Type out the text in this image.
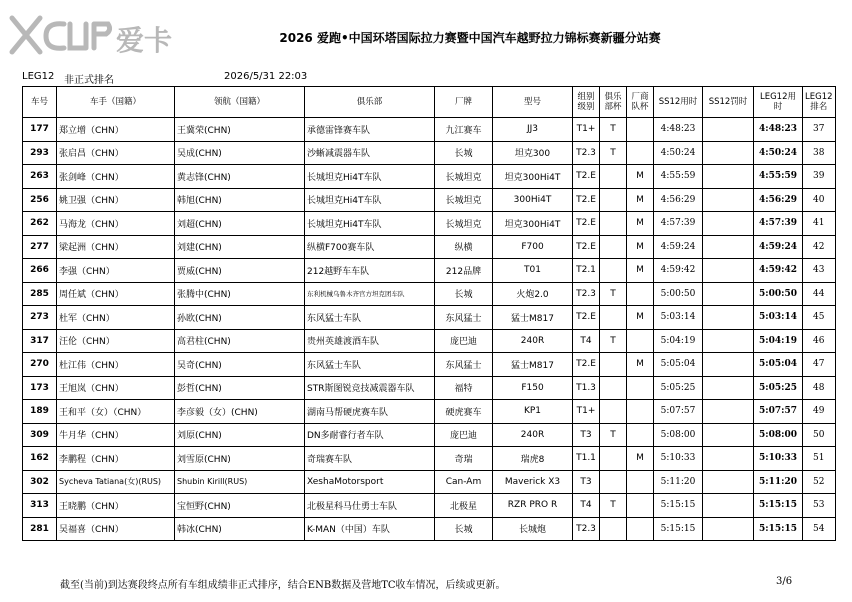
爱卡	2026 爱跑•中国环塔国际拉力赛暨中国汽车越野拉力锦标赛新疆分站赛
LEG12 非正式排名	2026/5/31 22:03
车号	车手（国籍）	领航（国籍）	俱乐部	厂牌	型号	组别级别	俱乐部杯	厂商队杯	SS12用时	SS12罚时	LEG12用时	LEG12排名
177	郑立增（CHN）	王冀荣(CHN)	承德雷锋赛车队	九江赛车	JJ3	T1+	T		4:48:23		4:48:23	37
293	张启昌（CHN）	吴成(CHN)	沙蜥减震器车队	长城	坦克300	T2.3	T		4:50:24		4:50:24	38
263	张剑峰（CHN）	黄志锋(CHN)	长城坦克Hi4T车队	长城坦克	坦克300Hi4T	T2.E		M	4:55:59		4:55:59	39
256	姚卫强（CHN）	韩旭(CHN)	长城坦克Hi4T车队	长城坦克	300Hi4T	T2.E		M	4:56:29		4:56:29	40
262	马海龙（CHN）	刘超(CHN)	长城坦克Hi4T车队	长城坦克	坦克300Hi4T	T2.E		M	4:57:39		4:57:39	41
277	梁起洲（CHN）	刘建(CHN)	纵横F700赛车队	纵横	F700	T2.E		M	4:59:24		4:59:24	42
266	李强（CHN）	贾威(CHN)	212越野车车队	212品牌	T01	T2.1		M	4:59:42		4:59:42	43
285	周任斌（CHN）	张腾中(CHN)	东利机械乌鲁木齐官方坦克团车队	长城	火炮2.0	T2.3	T		5:00:50		5:00:50	44
273	杜军（CHN）	孙欧(CHN)	东风猛士车队	东风猛士	猛士M817	T2.E		M	5:03:14		5:03:14	45
317	汪伦（CHN）	高君柱(CHN)	贵州英雄渡酒车队	庞巴迪	240R	T4	T		5:04:19		5:04:19	46
270	杜江伟（CHN）	吴奇(CHN)	东风猛士车队	东风猛士	猛士M817	T2.E		M	5:05:04		5:05:04	47
173	王旭岚（CHN）	彭哲(CHN)	STR斯图锐竞技减震器车队	福特	F150	T1.3			5:05:25		5:05:25	48
189	王和平（女）（CHN）	李彦毅（女）(CHN)	湖南马帮硬虎赛车队	硬虎赛车	KP1	T1+			5:07:57		5:07:57	49
309	牛月华（CHN）	刘原(CHN)	DN多耐睿行者车队	庞巴迪	240R	T3	T		5:08:00		5:08:00	50
162	李鹏程（CHN）	刘雪原(CHN)	奇瑞赛车队	奇瑞	瑞虎8	T1.1		M	5:10:33		5:10:33	51
302	Sycheva Tatiana(女)(RUS)	Shubin Kirill(RUS)	XeshaMotorsport	Can-Am	Maverick X3	T3			5:11:20		5:11:20	52
313	王晓鹏（CHN）	宝恒野(CHN)	北极星科马仕勇士车队	北极星	RZR PRO R	T4	T		5:15:15		5:15:15	53
281	吴福喜（CHN）	韩冰(CHN)	K-MAN（中国）车队	长城	长城炮	T2.3			5:15:15		5:15:15	54
截至(当前)到达赛段终点所有车组成绩非正式排序，结合ENB数据及营地TC收车情况，后续或更新。	3/6
